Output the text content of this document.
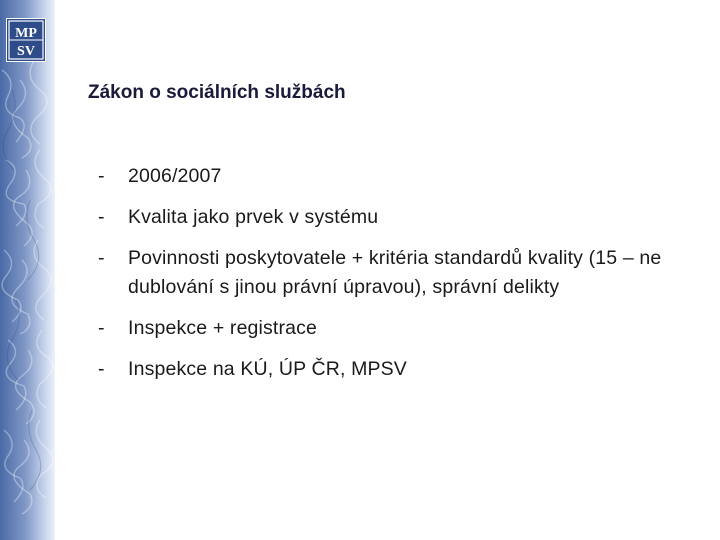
MP
SV
Zákon o sociálních službách
- 2006/2007
- Kvalita jako prvek v systému
- Povinnosti poskytovatele + kritéria standardů kvality (15 – ne dublování s jinou právní úpravou), správní delikty
- Inspekce + registrace
- Inspekce na KÚ, ÚP ČR, MPSV
